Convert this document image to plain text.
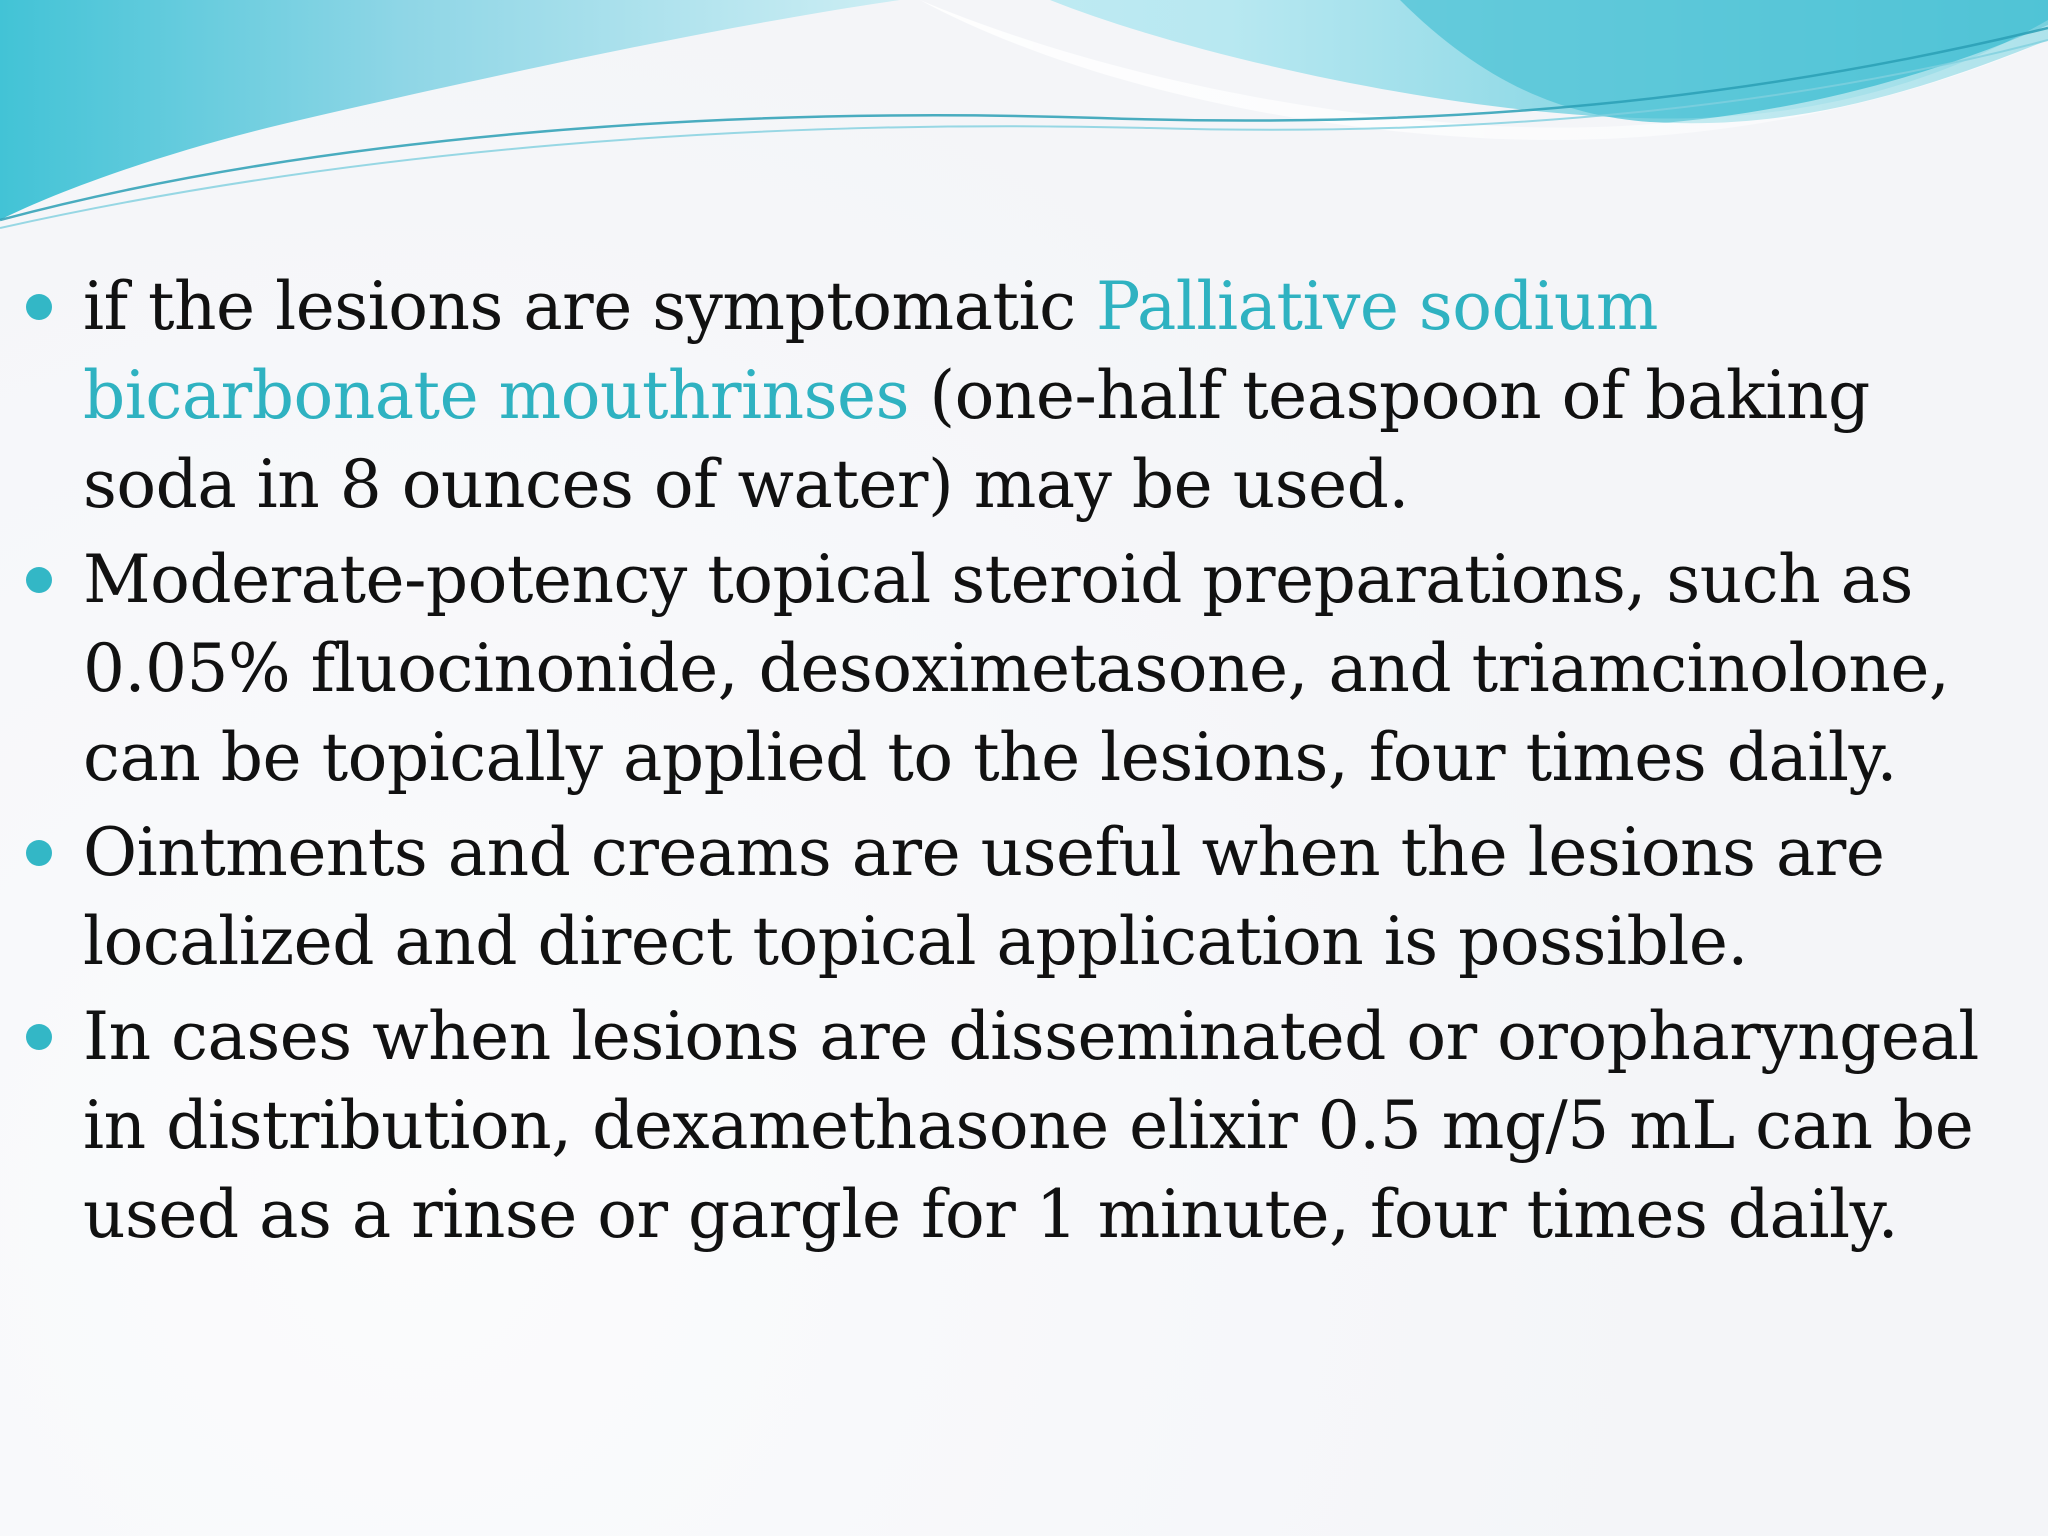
if the lesions are symptomatic Palliative sodium bicarbonate mouthrinses (one-half teaspoon of baking soda in 8 ounces of water) may be used.
Moderate-potency topical steroid preparations, such as 0.05% fluocinonide, desoximetasone, and triamcinolone, can be topically applied to the lesions, four times daily.
Ointments and creams are useful when the lesions are localized and direct topical application is possible.
In cases when lesions are disseminated or oropharyngeal in distribution, dexamethasone elixir 0.5 mg/5 mL can be used as a rinse or gargle for 1 minute, four times daily.
